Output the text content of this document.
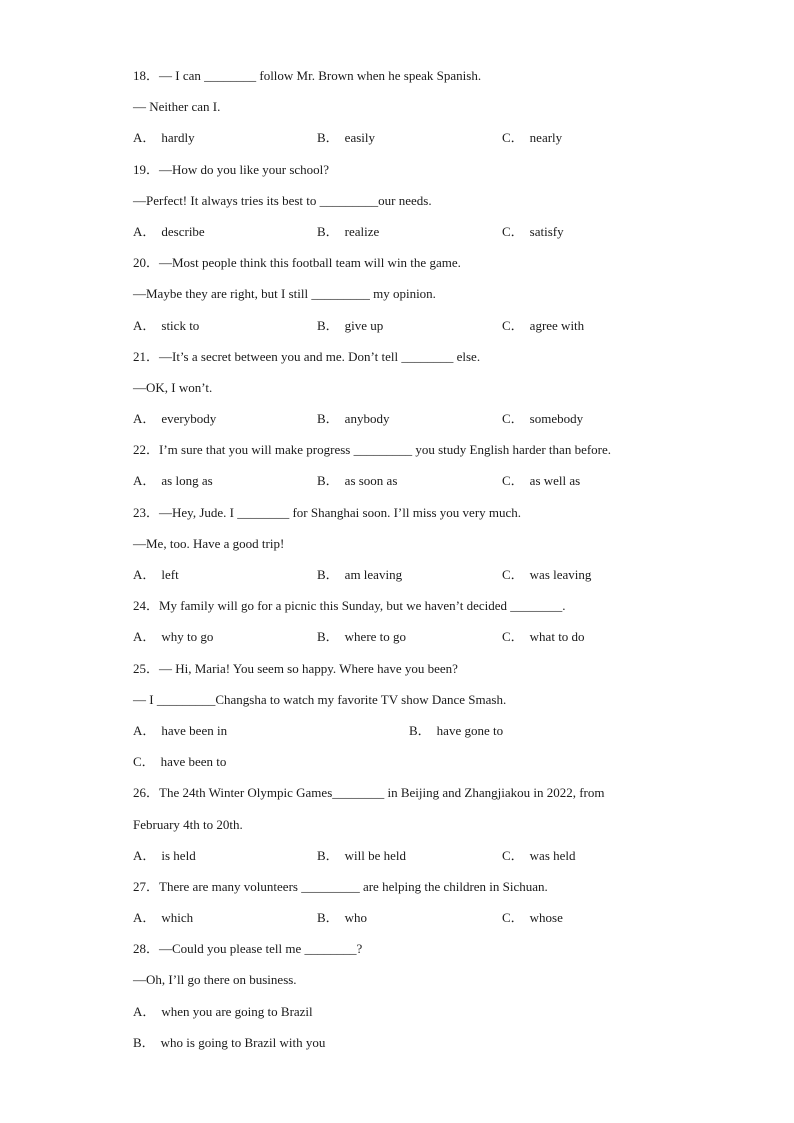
18．— I can ________ follow Mr. Brown when he speak Spanish.
— Neither can I.
A． hardly	B． easily	C． nearly
19．—How do you like your school?
—Perfect! It always tries its best to _________our needs.
A． describe	B． realize	C． satisfy
20．—Most people think this football team will win the game.
—Maybe they are right, but I still _________ my opinion.
A． stick to	B． give up	C． agree with
21．—It’s a secret between you and me. Don’t tell ________ else.
—OK, I won’t.
A． everybody	B． anybody	C． somebody
22．I’m sure that you will make progress _________ you study English harder than before.
A． as long as	B． as soon as	C． as well as
23．—Hey, Jude. I ________ for Shanghai soon. I’ll miss you very much.
—Me, too. Have a good trip!
A． left	B． am leaving	C． was leaving
24．My family will go for a picnic this Sunday, but we haven’t decided ________.
A． why to go	B． where to go	C． what to do
25．— Hi, Maria! You seem so happy. Where have you been?
— I _________Changsha to watch my favorite TV show Dance Smash.
A． have been in	B． have gone to
C． have been to
26．The 24th Winter Olympic Games________ in Beijing and Zhangjiakou in 2022, from
February 4th to 20th.
A． is held	B． will be held	C． was held
27．There are many volunteers _________ are helping the children in Sichuan.
A． which	B． who	C． whose
28．—Could you please tell me ________?
—Oh, I’ll go there on business.
A． when you are going to Brazil
B． who is going to Brazil with you
